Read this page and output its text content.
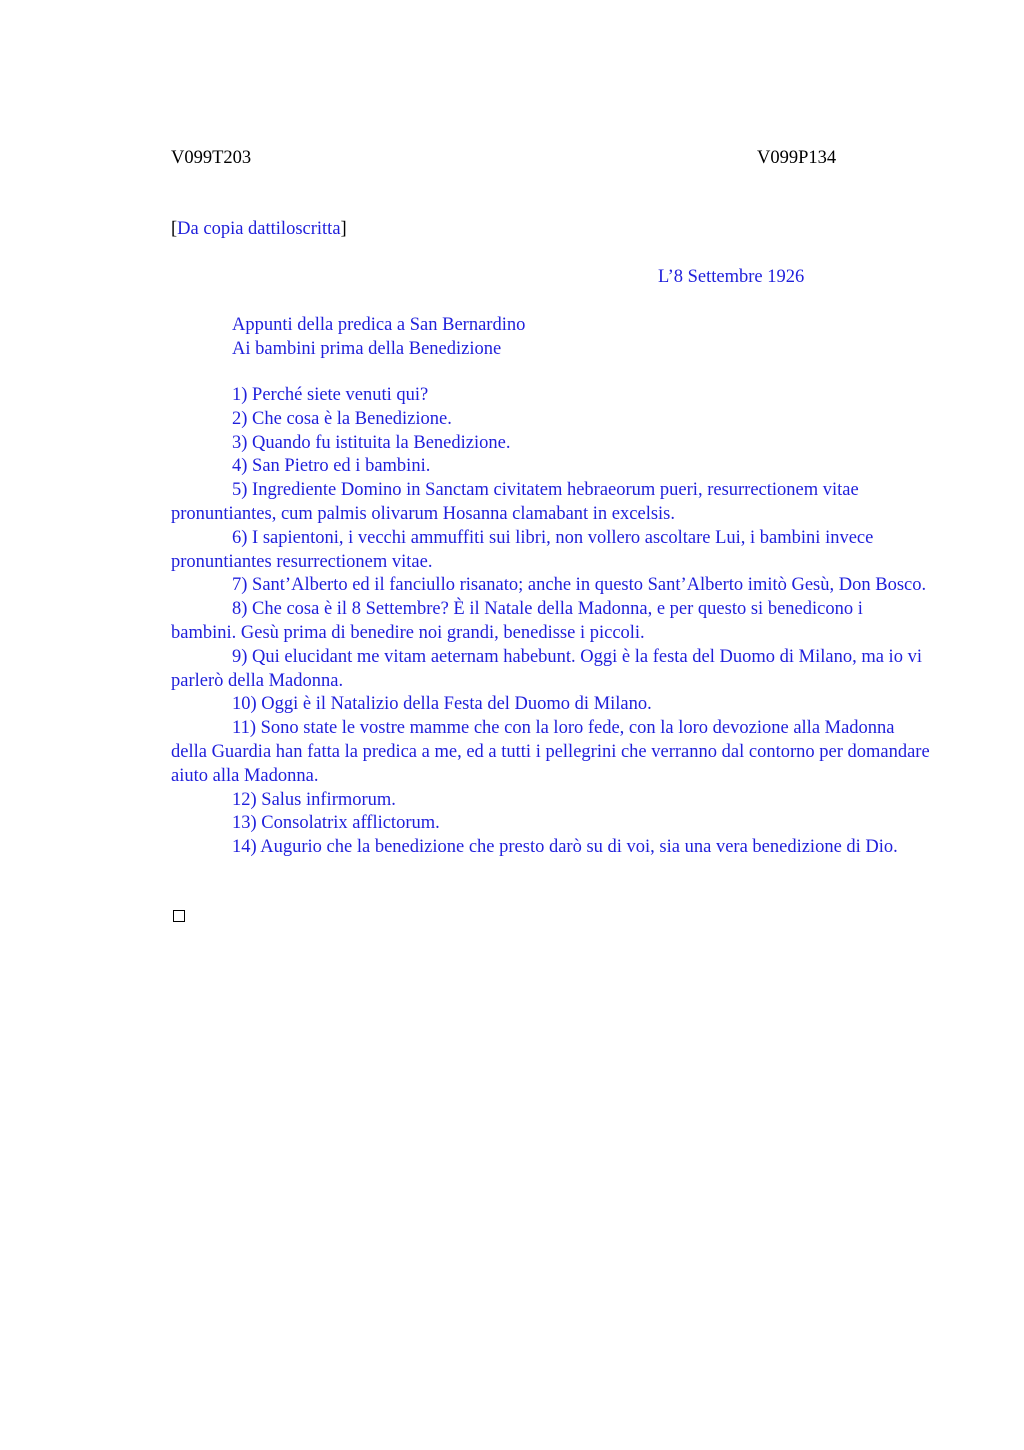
V099T203	V099P134
[Da copia dattiloscritta]
L’8 Settembre 1926
Appunti della predica a San Bernardino
Ai bambini prima della Benedizione

1) Perché siete venuti qui?

2) Che cosa è la Benedizione.

3) Quando fu istituita la Benedizione.

4) San Pietro ed i bambini.

5) Ingrediente Domino in Sanctam civitatem hebraeorum pueri, resurrectionem vitae pronuntiantes, cum palmis olivarum Hosanna clamabant in excelsis.

6) I sapientoni, i vecchi ammuffiti sui libri, non vollero ascoltare Lui, i bambini invece pronuntiantes resurrectionem vitae.

7) Sant’Alberto ed il fanciullo risanato; anche in questo Sant’Alberto imitò Gesù, Don Bosco.

8) Che cosa è il 8 Settembre? È il Natale della Madonna, e per questo si benedicono i bambini. Gesù prima di benedire noi grandi, benedisse i piccoli.

9) Qui elucidant me vitam aeternam habebunt. Oggi è la festa del Duomo di Milano, ma io vi parlerò della Madonna.

10) Oggi è il Natalizio della Festa del Duomo di Milano.

11) Sono state le vostre mamme che con la loro fede, con la loro devozione alla Madonna della Guardia han fatta la predica a me, ed a tutti i pellegrini che verranno dal contorno per domandare aiuto alla Madonna.

12) Salus infirmorum.

13) Consolatrix afflictorum.

14) Augurio che la benedizione che presto darò su di voi, sia una vera benedizione di Dio.
